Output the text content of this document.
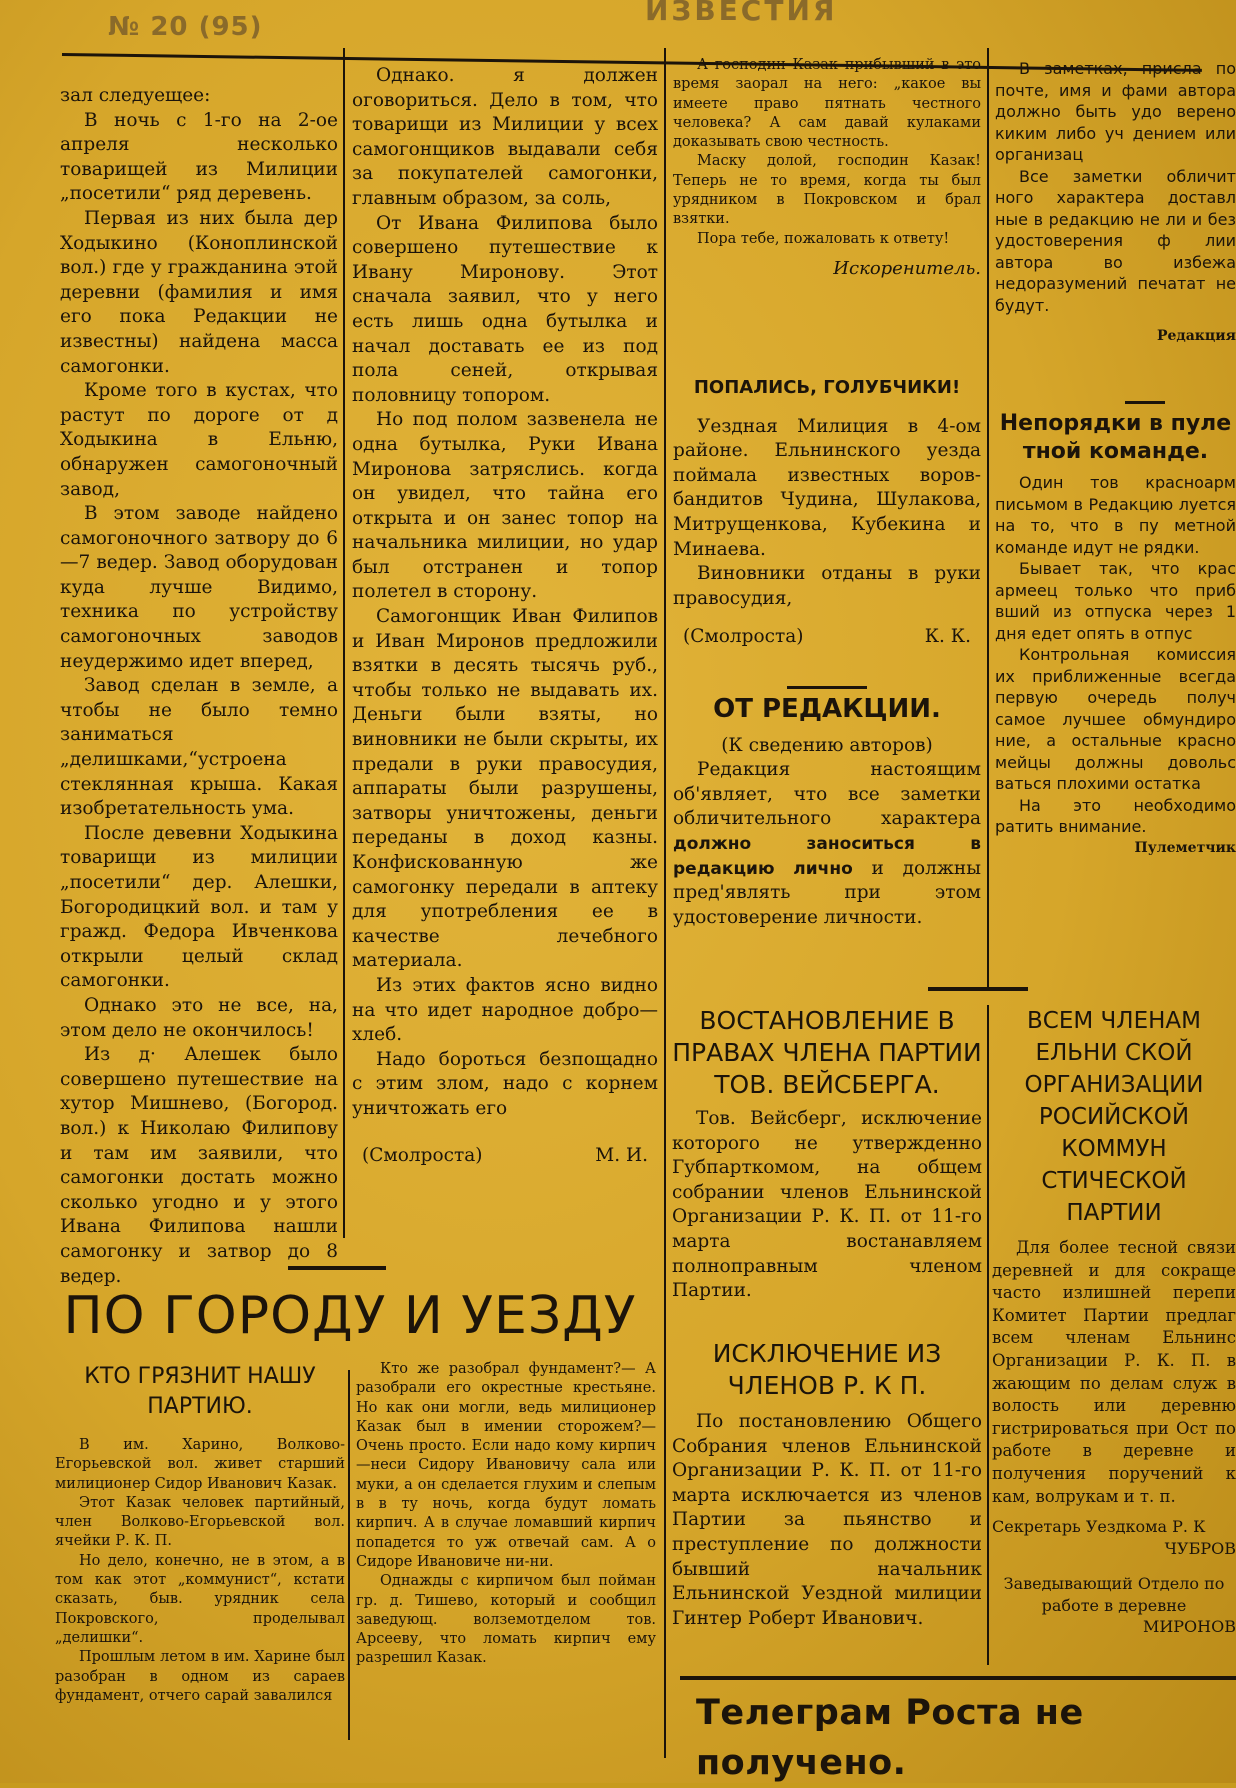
№ 20 (95)	ИЗВЕСТИЯ

зал следуещее:

В ночь с 1-го на 2-ое апреля несколько товарищей из Милиции „посетили“ ряд деревень.

Первая из них была дер Ходыкино (Коноплинской вол.) где у гражданина этой деревни (фамилия и имя его пока Редакции не известны) найдена масса самогонки.

Кроме того в кустах, что растут по дороге от д Ходыкина в Ельню, обнаружен самогоночный завод,

В этом заводе найдено самогоночного затвору до 6—7 ведер. Завод оборудован куда лучше Видимо, техника по устройству самогоночных заводов неудержимо идет вперед,

Завод сделан в земле, а чтобы не было темно заниматься „делишками,“устроена стеклянная крыша. Какая изобретательность ума.

После девевни Ходыкина товарищи из милиции „посетили“ дер. Алешки, Богородицкий вол. и там у гражд. Федора Ивченкова открыли целый склад самогонки.

Однако это не все, на, этом дело не окончилось!

Из д· Алешек было совершено путешествие на хутор Мишнево, (Богород. вол.) к Николаю Филипову и там им заявили, что самогонки достать можно сколько угодно и у этого Ивана Филипова нашли самогонку и затвор до 8 ведер.

Однако. я должен оговориться. Дело в том, что товарищи из Милиции у всех самогонщиков выдавали себя за покупателей самогонки, главным образом, за соль,

От Ивана Филипова было совершено путешествие к Ивану Миронову. Этот сначала заявил, что у него есть лишь одна бутылка и начал доставать ее из под пола сеней, открывая половницу топором.

Но под полом зазвенела не одна бутылка, Руки Ивана Миронова затряслись. когда он увидел, что тайна его открыта и он занес топор на начальника милиции, но удар был отстранен и топор полетел в сторону.

Самогонщик Иван Филипов и Иван Миронов предложили взятки в десять тысячь руб., чтобы только не выдавать их. Деньги были взяты, но виновники не были скрыты, их предали в руки правосудия, аппараты были разрушены, затворы уничтожены, деньги переданы в доход казны. Конфискованную же самогонку передали в аптеку для употребления ее в качестве лечебного материала.

Из этих фактов ясно видно на что идет народное добро—хлеб.

Надо бороться безпощадно с этим злом, надо с корнем уничтожать его

(Смолроста)	М. И.

А господин Казак прибывший в это время заорал на него: „какое вы имеете право пятнать честного человека? А сам давай кулаками доказывать свою честность.

Маску долой, господин Казак! Теперь не то время, когда ты был урядником в Покровском и брал взятки.

Пора тебе, пожаловать к ответу!

Искоренитель.

ПОПАЛИСЬ, ГОЛУБЧИКИ!

Уездная Милиция в 4-ом районе. Ельнинского уезда поймала известных воров-бандитов Чудина, Шулакова, Митрущенкова, Кубекина и Минаева.

Виновники отданы в руки правосудия,

(Смолроста)	К. К.

ОТ РЕДАКЦИИ.

(К сведению авторов)

Редакция настоящим об'являет, что все заметки обличительного характера должно заноситься в редакцию лично и должны пред'являть при этом удостоверение личности.

В заметках, присла по почте, имя и фами автора должно быть удо верено киким либо уч дением или организац

Все заметки обличит ного характера доставл ные в редакцию не ли и без удостоверения ф лии автора во избежа недоразумений печатат не будут.

Редакция

Непорядки в пуле тной команде.

Один тов красноарм письмом в Редакцию луется на то, что в пу метной команде идут не рядки.

Бывает так, что крас армеец только что приб вший из отпуска через 1 дня едет опять в отпус

Контрольная комиссия их приближенные всегда первую очередь получ самое лучшее обмундиро ние, а остальные красно мейцы должны довольс ваться плохими остатка

На это необходимо ратить внимание.

Пулеметчик

ВОСТАНОВЛЕНИЕ В ПРАВАХ ЧЛЕНА ПАРТИИ ТОВ. ВЕЙСБЕРГА.

Тов. Вейсберг, исключение которого не утвержденно Губпарткомом, на общем собрании членов Ельнинской Организации Р. К. П. от 11-го марта востанавляем полноправным членом Партии.

ИСКЛЮЧЕНИЕ ИЗ ЧЛЕНОВ Р. К П.

По постановлению Общего Собрания членов Ельнинской Организации Р. К. П. от 11-го марта исключается из членов Партии за пьянство и преступление по должности бывший начальник Ельнинской Уездной милиции Гинтер Роберт Иванович.

ВСЕМ ЧЛЕНАМ ЕЛЬНИ СКОЙ ОРГАНИЗАЦИИ РОСИЙСКОЙ КОММУН СТИЧЕСКОЙ ПАРТИИ

Для более тесной связи деревней и для сокраще часто излишней перепи Комитет Партии предлаг всем членам Ельнинс Организации Р. К. П. в жающим по делам служ в волость или деревню гистрироваться при Ост по работе в деревне и получения поручений к кам, волрукам и т. п.

Секретарь Уездкома Р. К

ЧУБРОВ

Заведывающий Отдело по работе в деревне

МИРОНОВ

ПО ГОРОДУ И УЕЗДУ

КТО ГРЯЗНИТ НАШУ ПАРТИЮ.

В им. Харино, Волково-Егорьевской вол. живет старший милиционер Сидор Иванович Казак.

Этот Казак человек партийный, член Волково-Егорьевской вол. ячейки Р. К. П.

Но дело, конечно, не в этом, а в том как этот „коммунист“, кстати сказать, быв. урядник села Покровского, проделывал „делишки“.

Прошлым летом в им. Харине был разобран в одном из сараев фундамент, отчего сарай завалился

Кто же разобрал фундамент?— А разобрали его окрестные крестьяне. Но как они могли, ведь милиционер Казак был в имении сторожем?—Очень просто. Если надо кому кирпич—неси Сидору Ивановичу сала или муки, а он сделается глухим и слепым в в ту ночь, когда будут ломать кирпич. А в случае ломавший кирпич попадется то уж отвечай сам. А о Сидоре Ивановиче ни-ни.

Однажды с кирпичом был пойман гр. д. Тишево, который и сообщил заведующ. волземотделом тов. Арсееву, что ломать кирпич ему разрешил Казак.

Телеграм Роста не получено.
